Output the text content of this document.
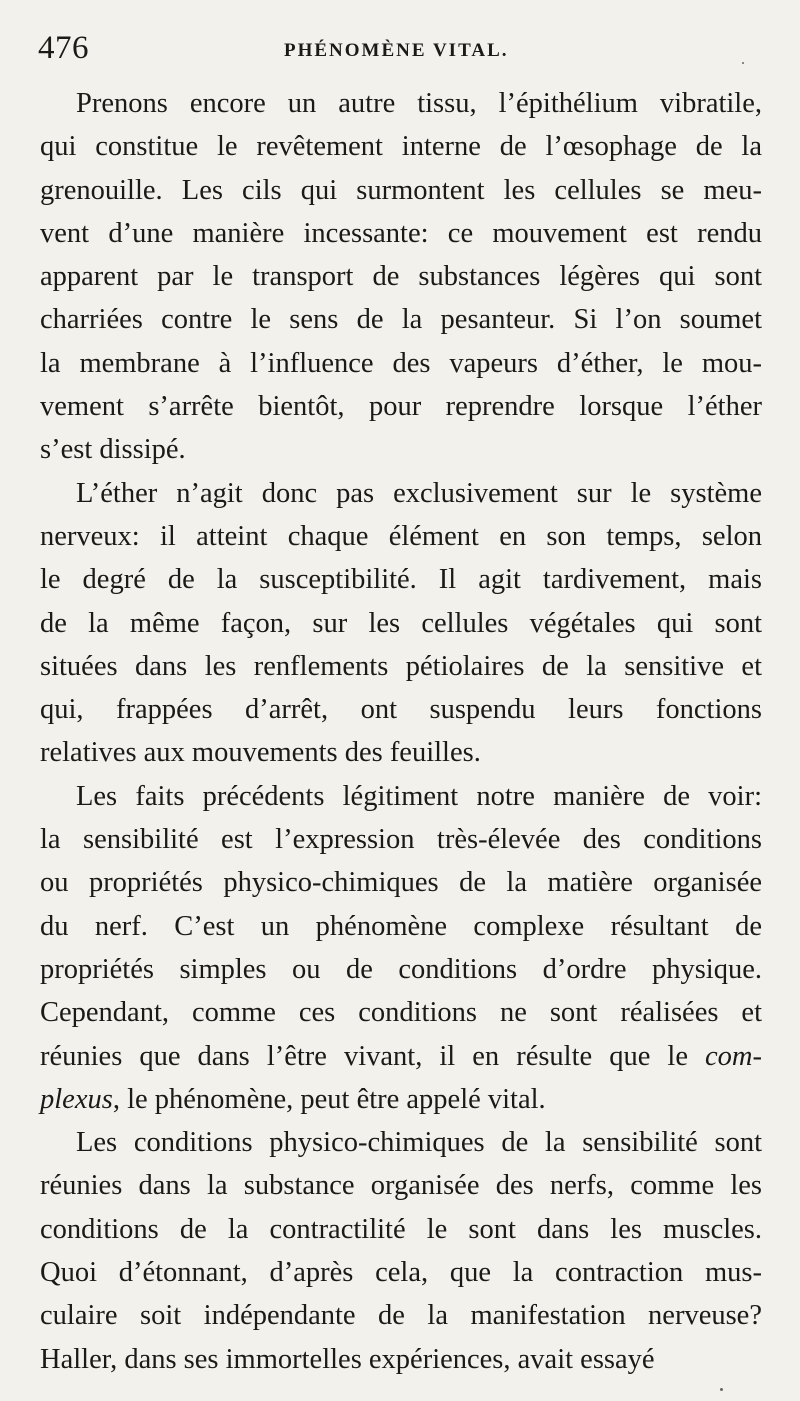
476	PHÉNOMÈNE VITAL.
Prenons encore un autre tissu, l’épithélium vibratile,
qui constitue le revêtement interne de l’œsophage de la
grenouille. Les cils qui surmontent les cellules se meu-
vent d’une manière incessante: ce mouvement est rendu
apparent par le transport de substances légères qui sont
charriées contre le sens de la pesanteur. Si l’on soumet
la membrane à l’influence des vapeurs d’éther, le mou-
vement s’arrête bientôt, pour reprendre lorsque l’éther
s’est dissipé.
L’éther n’agit donc pas exclusivement sur le système
nerveux: il atteint chaque élément en son temps, selon
le degré de la susceptibilité. Il agit tardivement, mais
de la même façon, sur les cellules végétales qui sont
situées dans les renflements pétiolaires de la sensitive et
qui, frappées d’arrêt, ont suspendu leurs fonctions
relatives aux mouvements des feuilles.
Les faits précédents légitiment notre manière de voir:
la sensibilité est l’expression très-élevée des conditions
ou propriétés physico-chimiques de la matière organisée
du nerf. C’est un phénomène complexe résultant de
propriétés simples ou de conditions d’ordre physique.
Cependant, comme ces conditions ne sont réalisées et
réunies que dans l’être vivant, il en résulte que le com-
plexus, le phénomène, peut être appelé vital.
Les conditions physico-chimiques de la sensibilité sont
réunies dans la substance organisée des nerfs, comme les
conditions de la contractilité le sont dans les muscles.
Quoi d’étonnant, d’après cela, que la contraction mus-
culaire soit indépendante de la manifestation nerveuse?
Haller, dans ses immortelles expériences, avait essayé
